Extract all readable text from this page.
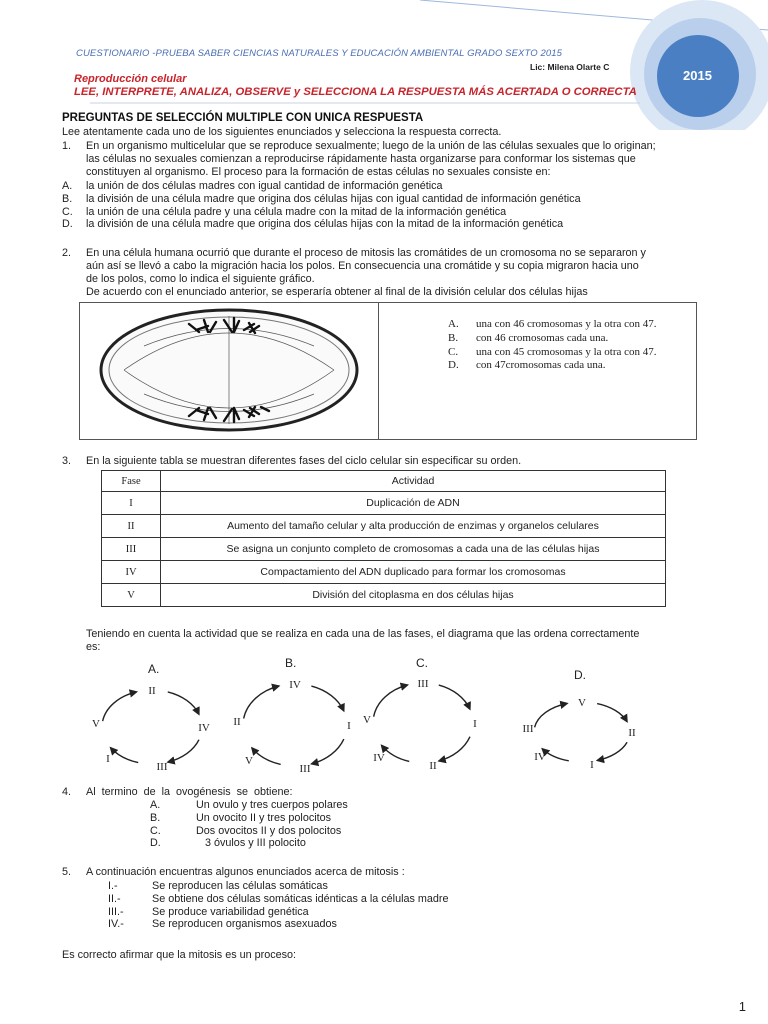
CUESTIONARIO -PRUEBA SABER CIENCIAS NATURALES Y EDUCACIÓN AMBIENTAL GRADO SEXTO 2015
Lic: Milena Olarte C
2015
Reproducción celular
LEE, INTERPRETE, ANALIZA, OBSERVE y SELECCIONA LA RESPUESTA MÁS ACERTADA O CORRECTA
PREGUNTAS DE SELECCIÓN MULTIPLE CON UNICA RESPUESTA
Lee atentamente cada uno de los siguientes enunciados y selecciona la respuesta correcta.
1. En un organismo multicelular que se reproduce sexualmente; luego de la unión de las células sexuales que lo originan; las células no sexuales comienzan a reproducirse rápidamente hasta organizarse para conformar los sistemas que constituyen al organismo. El proceso para la formación de estas células no sexuales consiste en:
A.	la unión de dos células madres con igual cantidad de información genética
B.	la división de una célula madre que origina dos células hijas con igual cantidad de información genética
C.	la unión de una célula padre y una célula madre con la mitad de la información genética
D.	la división de una célula madre que origina dos células hijas con la mitad de la información genética
2. En una célula humana ocurrió que durante el proceso de mitosis las cromátides de un cromosoma no se separaron y aún así se llevó a cabo la migración hacia los polos. En consecuencia una cromátide y su copia migraron hacia uno de los polos, como lo indica el siguiente gráfico.
De acuerdo con el enunciado anterior, se esperaría obtener al final de la división celular dos células hijas
A.	una con 46 cromosomas y la otra con 47.
B.	con 46 cromosomas cada una.
C.	una con 45 cromosomas y la otra con 47.
D.	con 47cromosomas cada una.
3. En la siguiente tabla se muestran diferentes fases del ciclo celular sin especificar su orden.
Fase	Actividad
I	Duplicación de ADN
II	Aumento del tamaño celular y alta producción de enzimas y organelos celulares
III	Se asigna un conjunto completo de cromosomas a cada una de las células hijas
IV	Compactamiento del ADN duplicado para formar los cromosomas
V	División del citoplasma en dos células hijas
Teniendo en cuenta la actividad que se realiza en cada una de las fases, el diagrama que las ordena correctamente es:
A.
II
IV
III
I
V
B.
IV
I
III
V
II
C.
III
I
II
IV
V
D.
V
II
I
IV
III
4. Al termino de la ovogénesis se obtiene:
A.	Un ovulo y tres cuerpos polares
B.	Un ovocito II y tres polocitos
C.	Dos ovocitos II y dos polocitos
D.	3 óvulos y III polocito
5. A continuación encuentras algunos enunciados acerca de mitosis :
I.-	Se reproducen las células somáticas
II.-	Se obtiene dos células somáticas idénticas a la células madre
III.-	Se produce variabilidad genética
IV.-	Se reproducen organismos asexuados
Es correcto afirmar que la mitosis es un proceso:
1
